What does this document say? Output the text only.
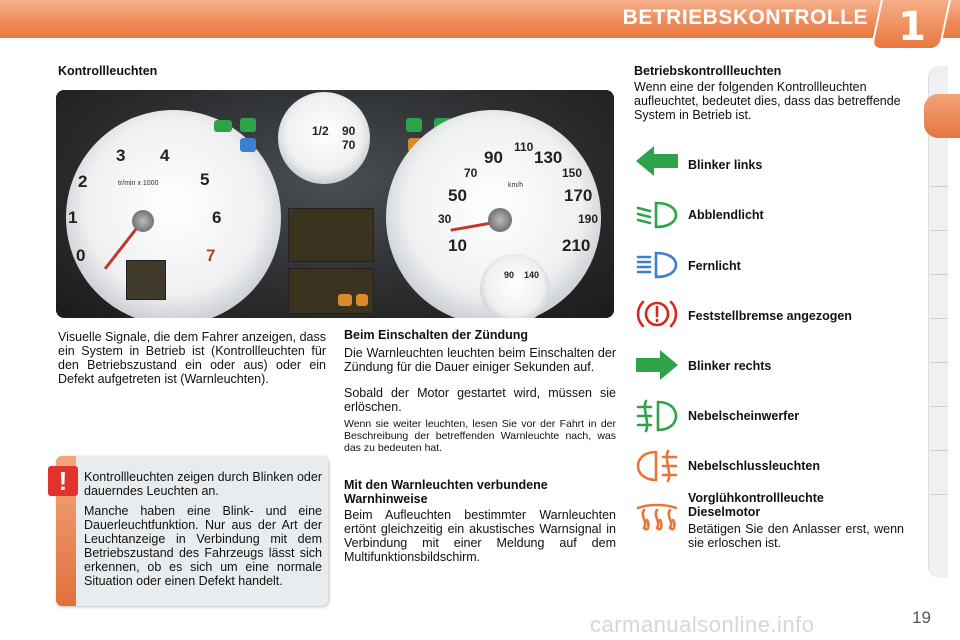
BETRIEBSKONTROLLE 1
Kontrollleuchten
0
1
2
3 4
5
6
7
tr/min x 1000
1/2 90
70
10
30
50
70
90
110
130
150
170
190
210
km/h
90 140
Visuelle Signale, die dem Fahrer anzeigen, dass ein System in Betrieb ist (Kontrollleuchten für den Betriebszustand ein oder aus) oder ein Defekt aufgetreten ist (Warnleuchten).
!	Kontrollleuchten zeigen durch Blinken oder dauerndes Leuchten an.
Manche haben eine Blink- und eine Dauerleuchtfunktion. Nur aus der Art der Leuchtanzeige in Verbindung mit dem Betriebszustand des Fahrzeugs lässt sich erkennen, ob es sich um eine normale Situation oder einen Defekt handelt.
Beim Einschalten der Zündung
Die Warnleuchten leuchten beim Einschalten der Zündung für die Dauer einiger Sekunden auf.
Sobald der Motor gestartet wird, müssen sie erlöschen.
Wenn sie weiter leuchten, lesen Sie vor der Fahrt in der Beschreibung der betreffenden Warnleuchte nach, was das zu bedeuten hat.
Mit den Warnleuchten verbundene Warnhinweise
Beim Aufleuchten bestimmter Warnleuchten ertönt gleichzeitig ein akustisches Warnsignal in Verbindung mit einer Meldung auf dem Multifunktionsbildschirm.
Betriebskontrollleuchten
Wenn eine der folgenden Kontrollleuchten aufleuchtet, bedeutet dies, dass das betreffende System in Betrieb ist.
Blinker links
Abblendlicht
Fernlicht
Feststellbremse angezogen
Blinker rechts
Nebelscheinwerfer
Nebelschlussleuchten
Vorglühkontrollleuchte Dieselmotor
Betätigen Sie den Anlasser erst, wenn sie erloschen ist.
carmanualsonline.info	19
